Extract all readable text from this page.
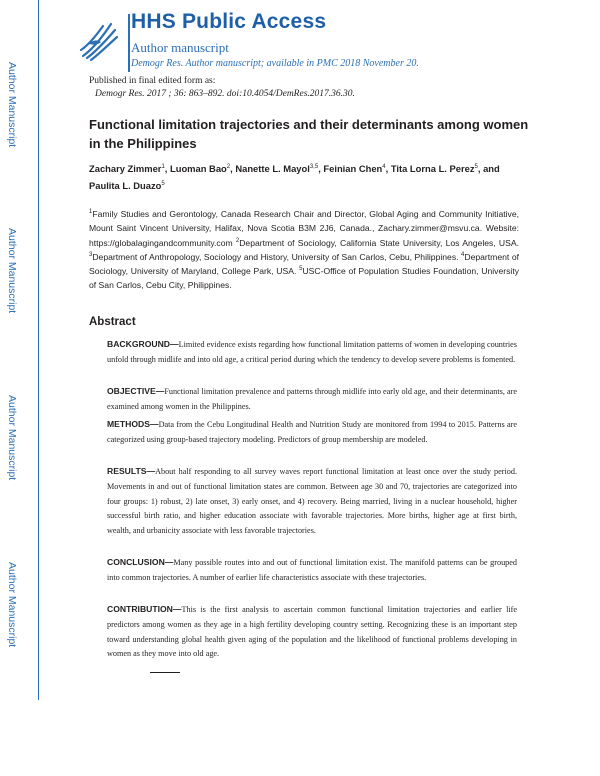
Author Manuscript
Author Manuscript
Author Manuscript
Author Manuscript
HHS Public Access
Author manuscript
Demogr Res. Author manuscript; available in PMC 2018 November 20.
Published in final edited form as:
Demogr Res. 2017 ; 36: 863–892. doi:10.4054/DemRes.2017.36.30.
Functional limitation trajectories and their determinants among women in the Philippines
Zachary Zimmer$^1$, Luoman Bao$^2$, Nanette L. Mayol$^{3,5}$, Feinian Chen$^4$, Tita Lorna L. Perez$^5$, and Paulita L. Duazo$^5$
$^1$Family Studies and Gerontology, Canada Research Chair and Director, Global Aging and Community Initiative, Mount Saint Vincent University, Halifax, Nova Scotia B3M 2J6, Canada., Zachary.zimmer@msvu.ca. Website: https://globalagingandcommunity.com $^2$Department of Sociology, California State University, Los Angeles, USA. $^3$Department of Anthropology, Sociology and History, University of San Carlos, Cebu, Philippines. $^4$Department of Sociology, University of Maryland, College Park, USA. $^5$USC-Office of Population Studies Foundation, University of San Carlos, Cebu City, Philippines.
Abstract
BACKGROUND—Limited evidence exists regarding how functional limitation patterns of women in developing countries unfold through midlife and into old age, a critical period during which the tendency to develop severe problems is fomented.
OBJECTIVE—Functional limitation prevalence and patterns through midlife into early old age, and their determinants, are examined among women in the Philippines.
METHODS—Data from the Cebu Longitudinal Health and Nutrition Study are monitored from 1994 to 2015. Patterns are categorized using group-based trajectory modeling. Predictors of group membership are modeled.
RESULTS—About half responding to all survey waves report functional limitation at least once over the study period. Movements in and out of functional limitation states are common. Between age 30 and 70, trajectories are categorized into four groups: 1) robust, 2) late onset, 3) early onset, and 4) recovery. Being married, living in a nuclear household, higher successful birth ratio, and higher education associate with favorable trajectories. More births, higher age at first birth, wealth, and urbanicity associate with less favorable trajectories.
CONCLUSION—Many possible routes into and out of functional limitation exist. The manifold patterns can be grouped into common trajectories. A number of earlier life characteristics associate with these trajectories.
CONTRIBUTION—This is the first analysis to ascertain common functional limitation trajectories and earlier life predictors among women as they age in a high fertility developing country setting. Recognizing these is an important step toward understanding global health given aging of the population and the likelihood of functional problems developing in women as they move into old age.
